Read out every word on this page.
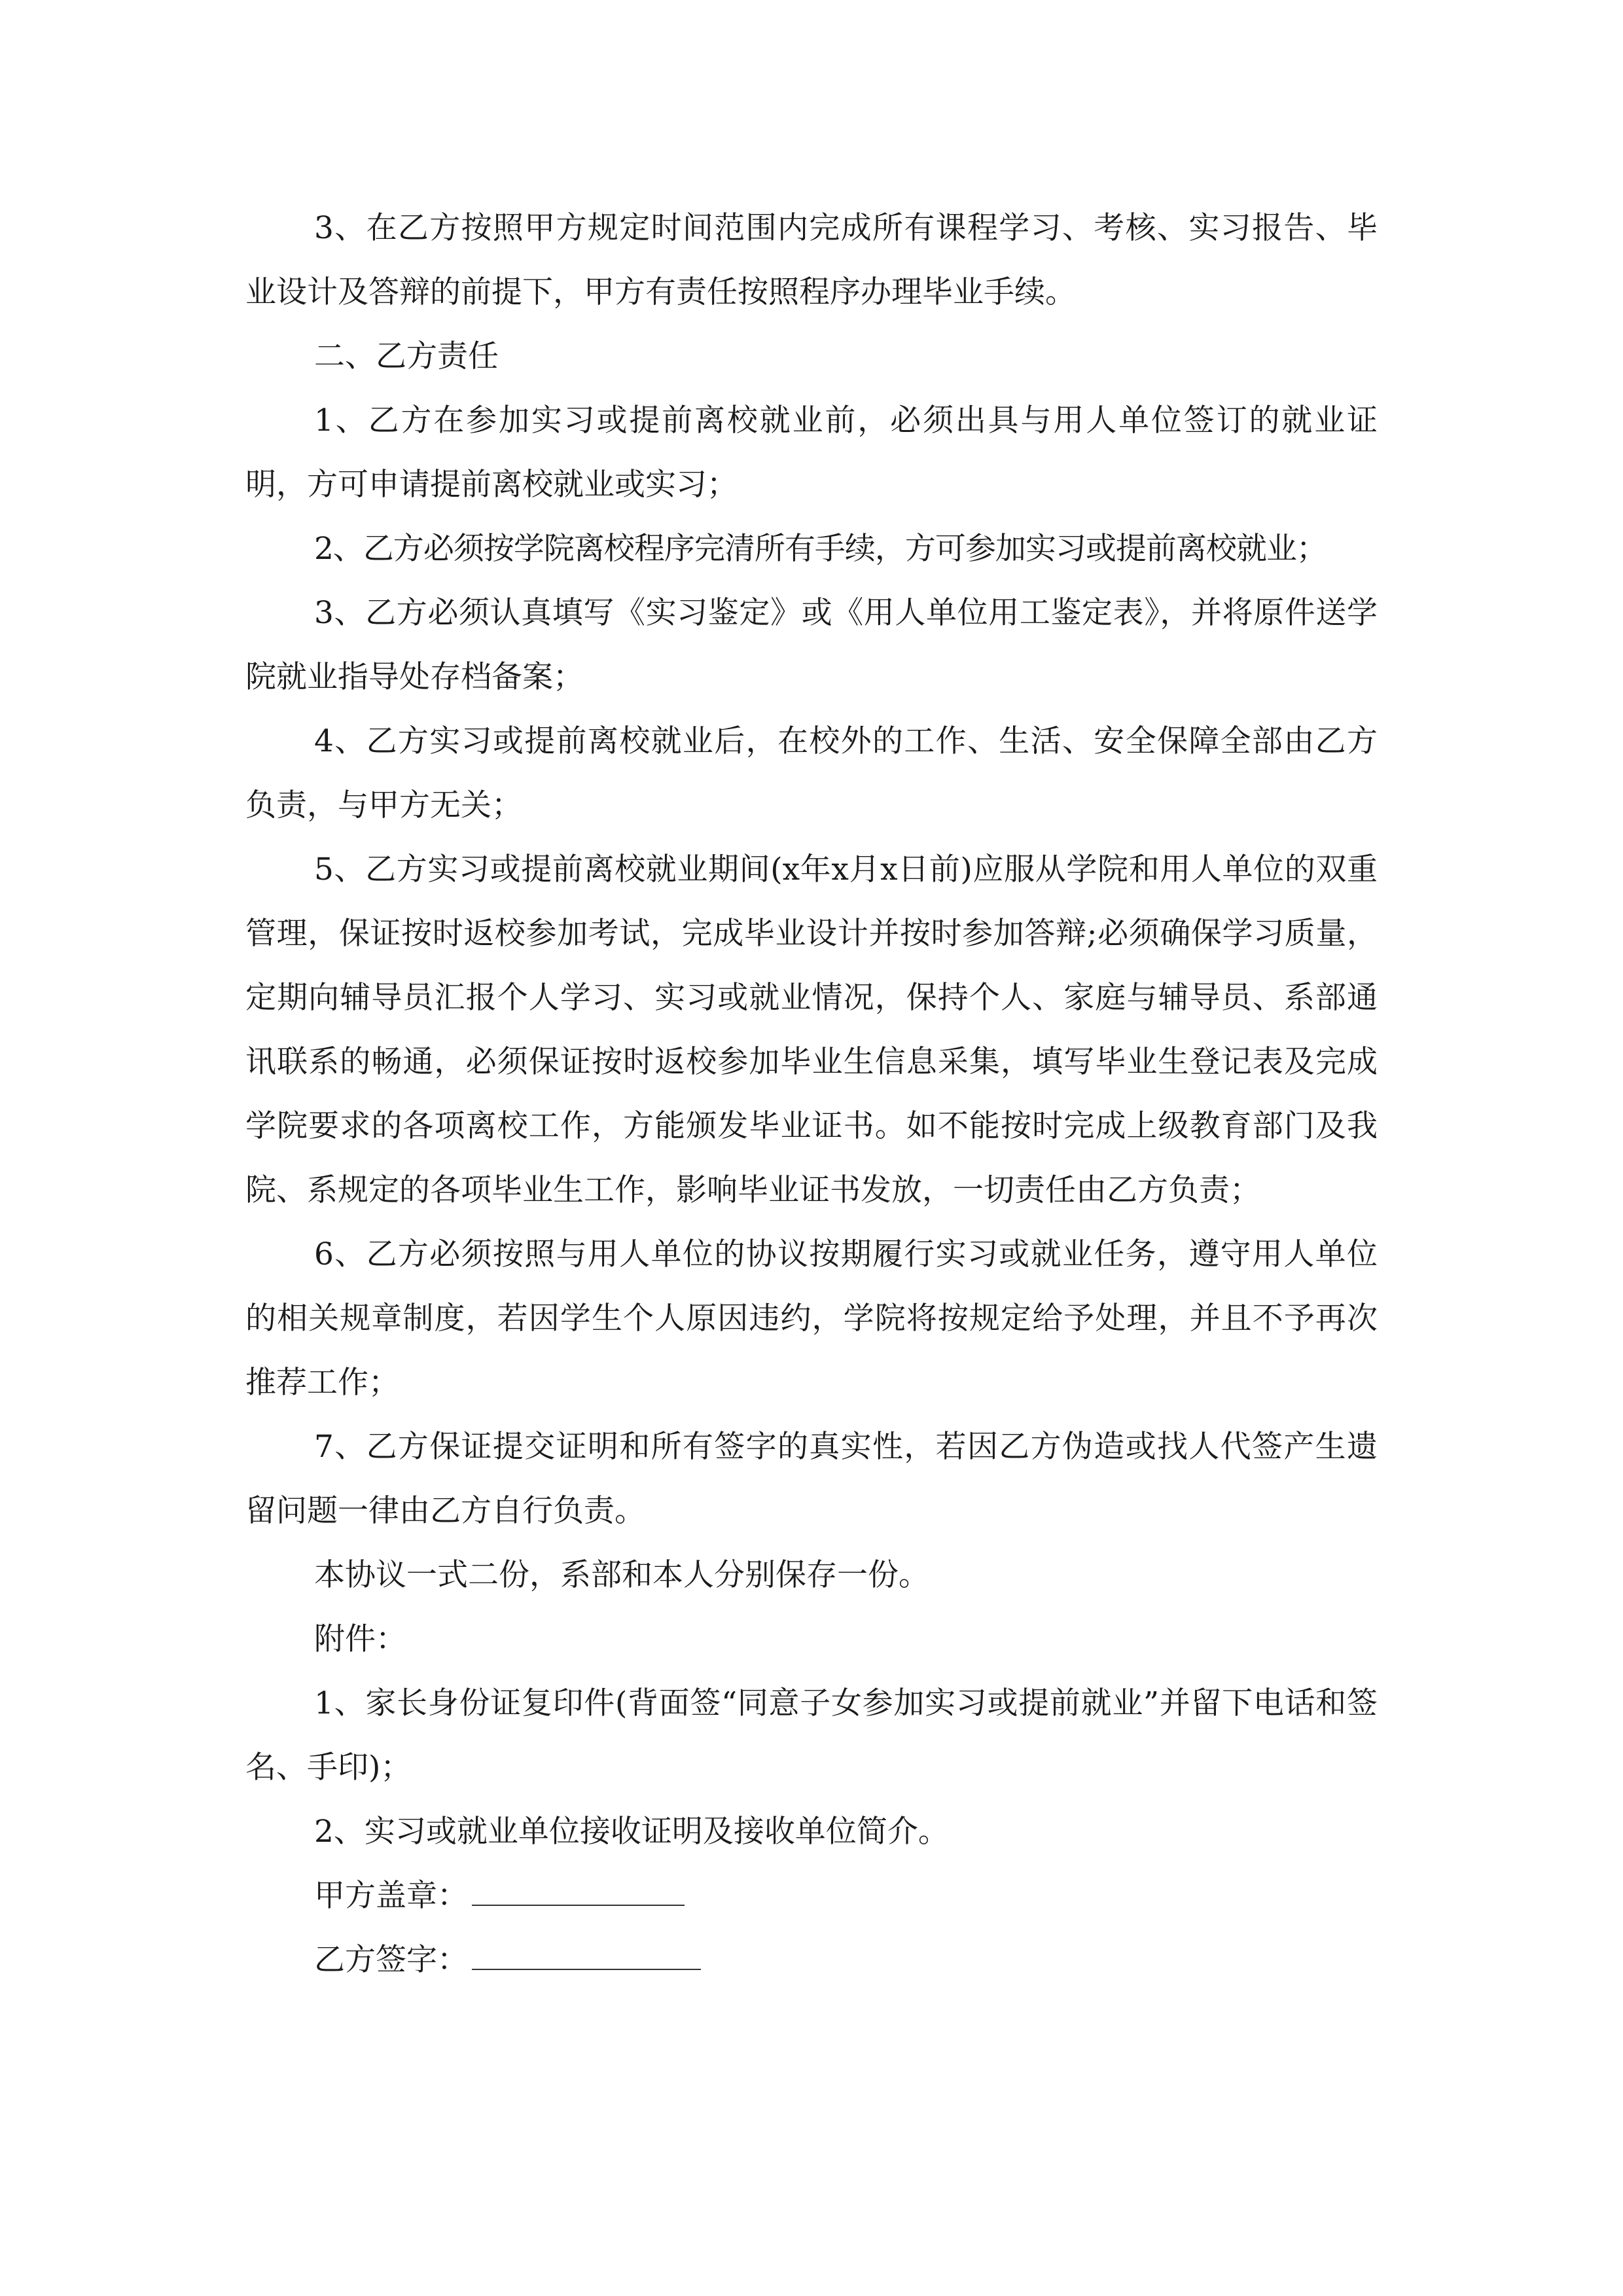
3、在乙方按照甲方规定时间范围内完成所有课程学习、考核、实习报告、毕业设计及答辩的前提下，甲方有责任按照程序办理毕业手续。

二、乙方责任

1、乙方在参加实习或提前离校就业前，必须出具与用人单位签订的就业证明，方可申请提前离校就业或实习；

2、乙方必须按学院离校程序完清所有手续，方可参加实习或提前离校就业；

3、乙方必须认真填写《实习鉴定》或《用人单位用工鉴定表》，并将原件送学院就业指导处存档备案；

4、乙方实习或提前离校就业后，在校外的工作、生活、安全保障全部由乙方负责，与甲方无关；

5、乙方实习或提前离校就业期间(x年x月x日前)应服从学院和用人单位的双重管理，保证按时返校参加考试，完成毕业设计并按时参加答辩;必须确保学习质量，定期向辅导员汇报个人学习、实习或就业情况，保持个人、家庭与辅导员、系部通讯联系的畅通，必须保证按时返校参加毕业生信息采集，填写毕业生登记表及完成学院要求的各项离校工作，方能颁发毕业证书。如不能按时完成上级教育部门及我院、系规定的各项毕业生工作，影响毕业证书发放，一切责任由乙方负责；

6、乙方必须按照与用人单位的协议按期履行实习或就业任务，遵守用人单位的相关规章制度，若因学生个人原因违约，学院将按规定给予处理，并且不予再次推荐工作；

7、乙方保证提交证明和所有签字的真实性，若因乙方伪造或找人代签产生遗留问题一律由乙方自行负责。

本协议一式二份，系部和本人分别保存一份。

附件：

1、家长身份证复印件(背面签“同意子女参加实习或提前就业”并留下电话和签名、手印)；

2、实习或就业单位接收证明及接收单位简介。

甲方盖章：

乙方签字：
